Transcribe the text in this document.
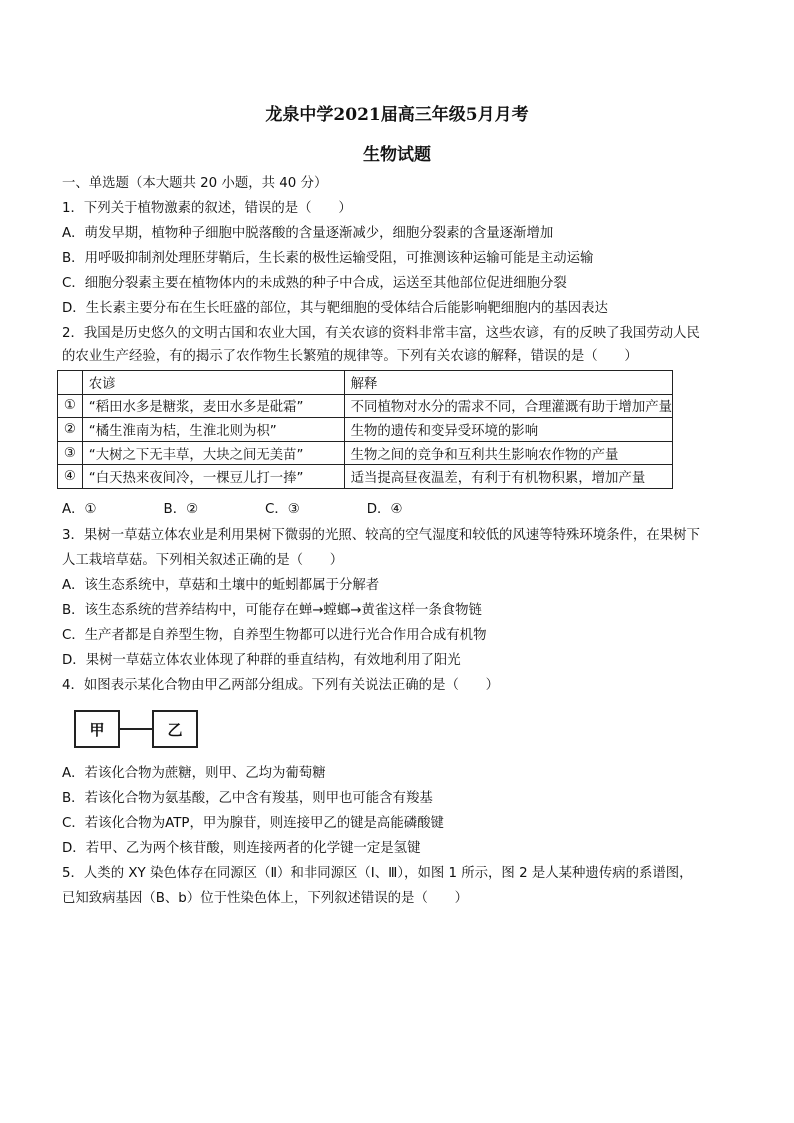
龙泉中学2021届高三年级5月月考
生物试题
一、单选题（本大题共 20 小题，共 40 分）
1．下列关于植物激素的叙述，错误的是（　　）
A．萌发早期，植物种子细胞中脱落酸的含量逐渐减少，细胞分裂素的含量逐渐增加
B．用呼吸抑制剂处理胚芽鞘后，生长素的极性运输受阻，可推测该种运输可能是主动运输
C．细胞分裂素主要在植物体内的未成熟的种子中合成，运送至其他部位促进细胞分裂
D．生长素主要分布在生长旺盛的部位，其与靶细胞的受体结合后能影响靶细胞内的基因表达
2．我国是历史悠久的文明古国和农业大国，有关农谚的资料非常丰富，这些农谚，有的反映了我国劳动人民
的农业生产经验，有的揭示了农作物生长繁殖的规律等。下列有关农谚的解释，错误的是（　　）
	农谚	解释
①	“稻田水多是糖浆，麦田水多是砒霜”	不同植物对水分的需求不同，合理灌溉有助于增加产量
②	“橘生淮南为桔，生淮北则为枳”	生物的遗传和变异受环境的影响
③	“大树之下无丰草，大块之间无美苗”	生物之间的竞争和互利共生影响农作物的产量
④	“白天热来夜间冷，一棵豆儿打一捧”	适当提高昼夜温差，有利于有机物积累，增加产量
A．①　　　　　B．②　　　　　C．③　　　　　D．④
3．果树一草菇立体农业是利用果树下微弱的光照、较高的空气湿度和较低的风速等特殊环境条件，在果树下
人工栽培草菇。下列相关叙述正确的是（　　）
A．该生态系统中，草菇和土壤中的蚯蚓都属于分解者
B．该生态系统的营养结构中，可能存在蝉→螳螂→黄雀这样一条食物链
C．生产者都是自养型生物，自养型生物都可以进行光合作用合成有机物
D．果树一草菇立体农业体现了种群的垂直结构，有效地利用了阳光
4．如图表示某化合物由甲乙两部分组成。下列有关说法正确的是（　　）
甲	乙
A．若该化合物为蔗糖，则甲、乙均为葡萄糖
B．若该化合物为氨基酸，乙中含有羧基，则甲也可能含有羧基
C．若该化合物为ATP，甲为腺苷，则连接甲乙的键是高能磷酸键
D．若甲、乙为两个核苷酸，则连接两者的化学键一定是氢键
5．人类的 XY 染色体存在同源区（Ⅱ）和非同源区（Ⅰ、Ⅲ），如图 1 所示，图 2 是人某种遗传病的系谱图，
已知致病基因（B、b）位于性染色体上，下列叙述错误的是（　　）
